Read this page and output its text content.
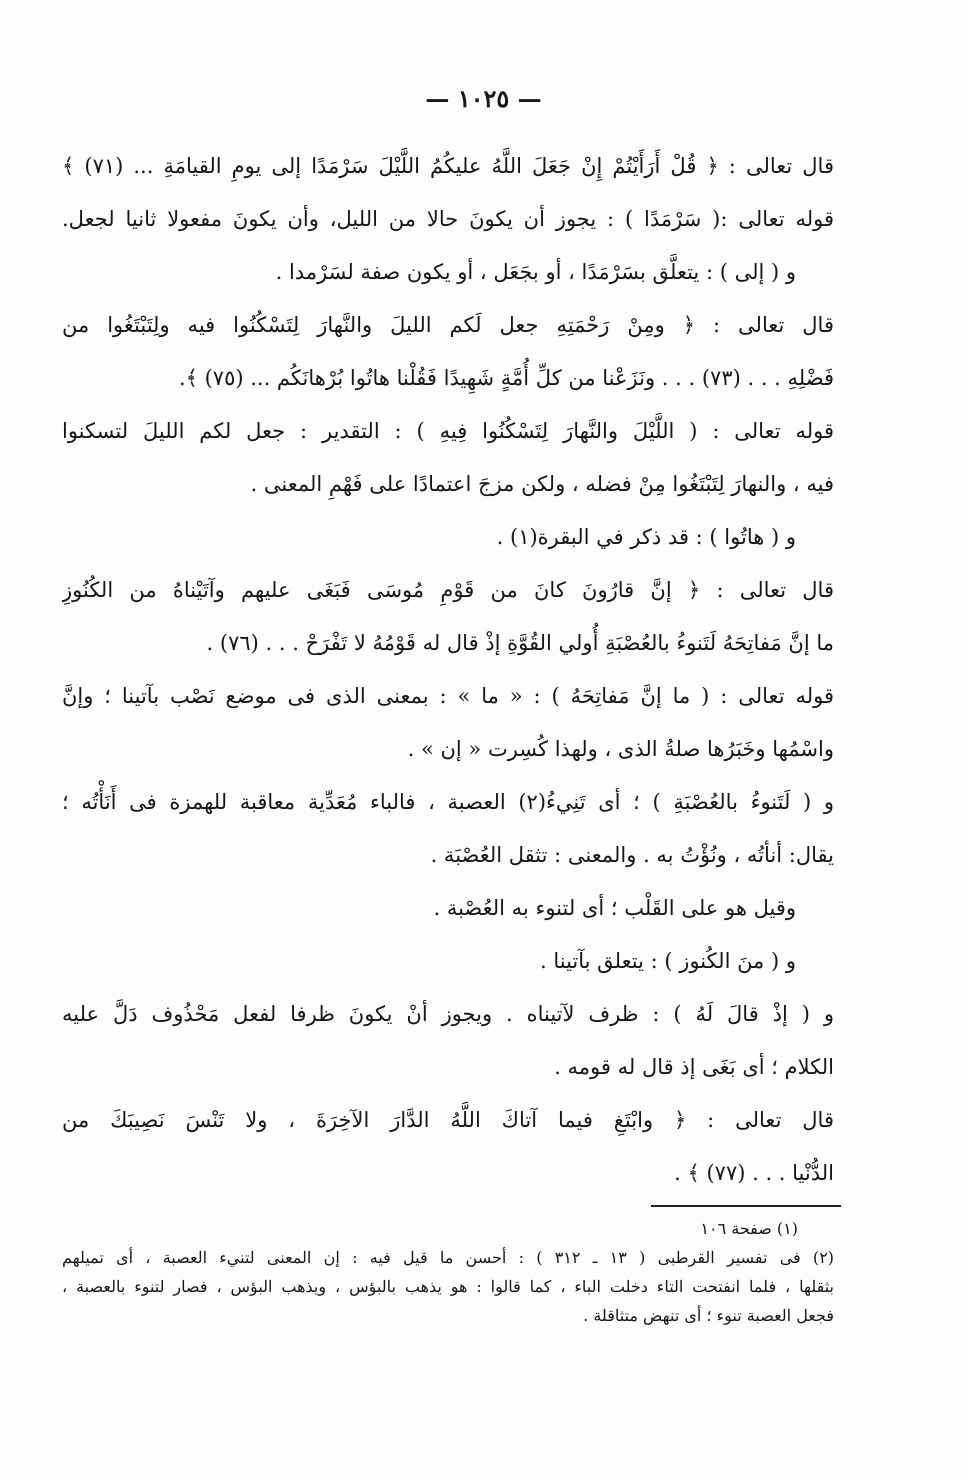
— ١٠٢٥ —
قال تعالى : ﴿ قُلْ أَرَأَيْتُمْ إِنْ جَعَلَ اللَّهُ عليكُمُ اللَّيْلَ سَرْمَدًا إلى يومِ القيامَةِ ... (٧١) ﴾
قوله تعالى :( سَرْمَدًا ) : يجوز أن يكونَ حالا من الليل، وأن يكونَ مفعولا ثانيا لجعل.
و ( إلى ) : يتعلَّق بسَرْمَدًا ، أو بجَعَل ، أو يكون صفة لسَرْمدا .
قال تعالى : ﴿ ومِنْ رَحْمَتِهِ جعل لَكم الليلَ والنَّهارَ لِتَسْكُنُوا فيه ولِتَبْتَغُوا من
فَضْلِهِ . . . (٧٣) . . . ونَزَعْنا من كلِّ أُمَّةٍ شَهِيدًا فَقُلْنا هاتُوا بُرْهانَكُم ... (٧٥) ﴾.
قوله تعالى : ( اللَّيْلَ والنَّهارَ لِتَسْكُنُوا فِيهِ ) : التقدير : جعل لكم الليلَ لتسكنوا
فيه ، والنهارَ لِتَبْتَغُوا مِنْ فضله ، ولكن مزجَ اعتمادًا على فَهْمِ المعنى .
و ( هاتُوا ) : قد ذكر في البقرة(١) .
قال تعالى : ﴿ إنَّ قارُونَ كانَ من قَوْمِ مُوسَى فَبَغَى عليهم وآتَيْناهُ من الكُنُوزِ
ما إنَّ مَفاتِحَهُ لَتَنوءُ بالعُصْبَةِ أُولي القُوَّةِ إذْ قال له قَوْمُهُ لا تَفْرَحْ . . . (٧٦) .
قوله تعالى : ( ما إنَّ مَفاتِحَهُ ) : « ما » : بمعنى الذى فى موضع نَصْب بآتينا ؛ وإنَّ
واسْمُها وخَبَرُها صلةُ الذى ، ولهذا كُسِرت « إن » .
و ( لَتَنوءُ بالعُصْبَةِ ) ؛ أى تَنِيءُ(٢) العصبة ، فالباء مُعَدِّية معاقبة للهمزة فى أَنَأْتُه ؛
يقال: أنأتُه ، ونُؤْتُ به . والمعنى : تثقل العُصْبَة .
وقيل هو على القَلْب ؛ أى لتنوء به العُصْبة .
و ( منَ الكُنوز ) : يتعلق بآتينا .
و ( إذْ قالَ لَهُ ) : ظرف لآتيناه . ويجوز أنْ يكونَ ظرفا لفعل مَحْذُوف دَلَّ عليه
الكلام ؛ أى بَغَى إذ قال له قومه .
قال تعالى : ﴿ وابْتَغِ فيما آتاكَ اللَّهُ الدَّارَ الآخِرَةَ ، ولا تَنْسَ نَصِيبَكَ من
الدُّنْيا . . . (٧٧) ﴾ .
(١) صفحة ١٠٦
(٢) فى تفسير القرطبى ( ١٣ ـ ٣١٢ ) : أحسن ما قيل فيه : إن المعنى لتنيء العصبة ، أى تميلهم
بثقلها ، فلما انفتحت التاء دخلت الباء ، كما قالوا : هو يذهب بالبؤس ، ويذهب البؤس ، فصار لتنوء بالعصبة ،
فجعل العصبة تنوء ؛ أى تنهض متثاقلة .
